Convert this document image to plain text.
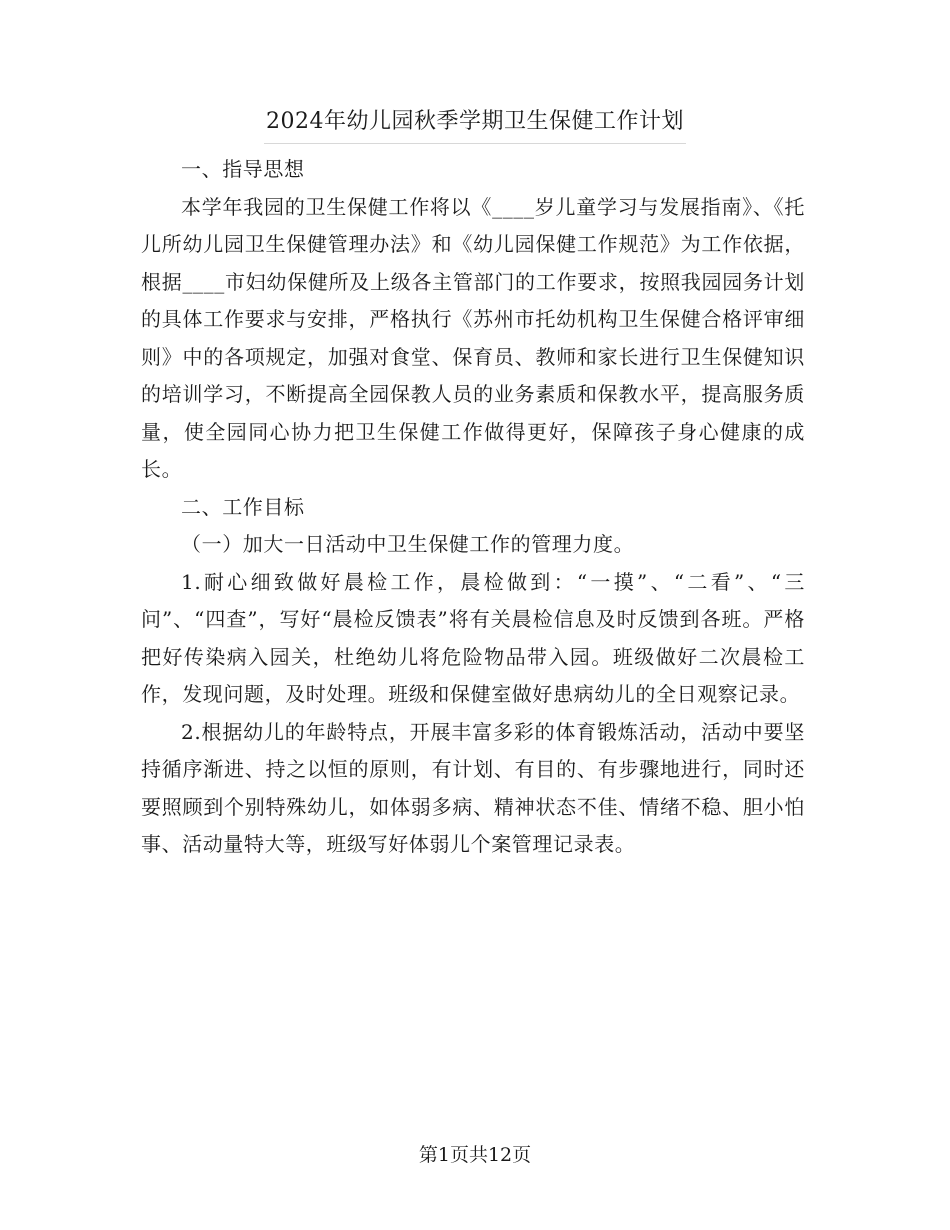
2024年幼儿园秋季学期卫生保健工作计划

一、指导思想

本学年我园的卫生保健工作将以《____岁儿童学习与发展指南》、《托儿所幼儿园卫生保健管理办法》和《幼儿园保健工作规范》为工作依据，根据____市妇幼保健所及上级各主管部门的工作要求，按照我园园务计划的具体工作要求与安排，严格执行《苏州市托幼机构卫生保健合格评审细则》中的各项规定，加强对食堂、保育员、教师和家长进行卫生保健知识的培训学习，不断提高全园保教人员的业务素质和保教水平，提高服务质量，使全园同心协力把卫生保健工作做得更好，保障孩子身心健康的成长。

二、工作目标

（一）加大一日活动中卫生保健工作的管理力度。

1.耐心细致做好晨检工作，晨检做到：“一摸”、“二看”、“三问”、“四查”，写好“晨检反馈表”将有关晨检信息及时反馈到各班。严格把好传染病入园关，杜绝幼儿将危险物品带入园。班级做好二次晨检工作，发现问题，及时处理。班级和保健室做好患病幼儿的全日观察记录。

2.根据幼儿的年龄特点，开展丰富多彩的体育锻炼活动，活动中要坚持循序渐进、持之以恒的原则，有计划、有目的、有步骤地进行，同时还要照顾到个别特殊幼儿，如体弱多病、精神状态不佳、情绪不稳、胆小怕事、活动量特大等，班级写好体弱儿个案管理记录表。

第1页共12页
